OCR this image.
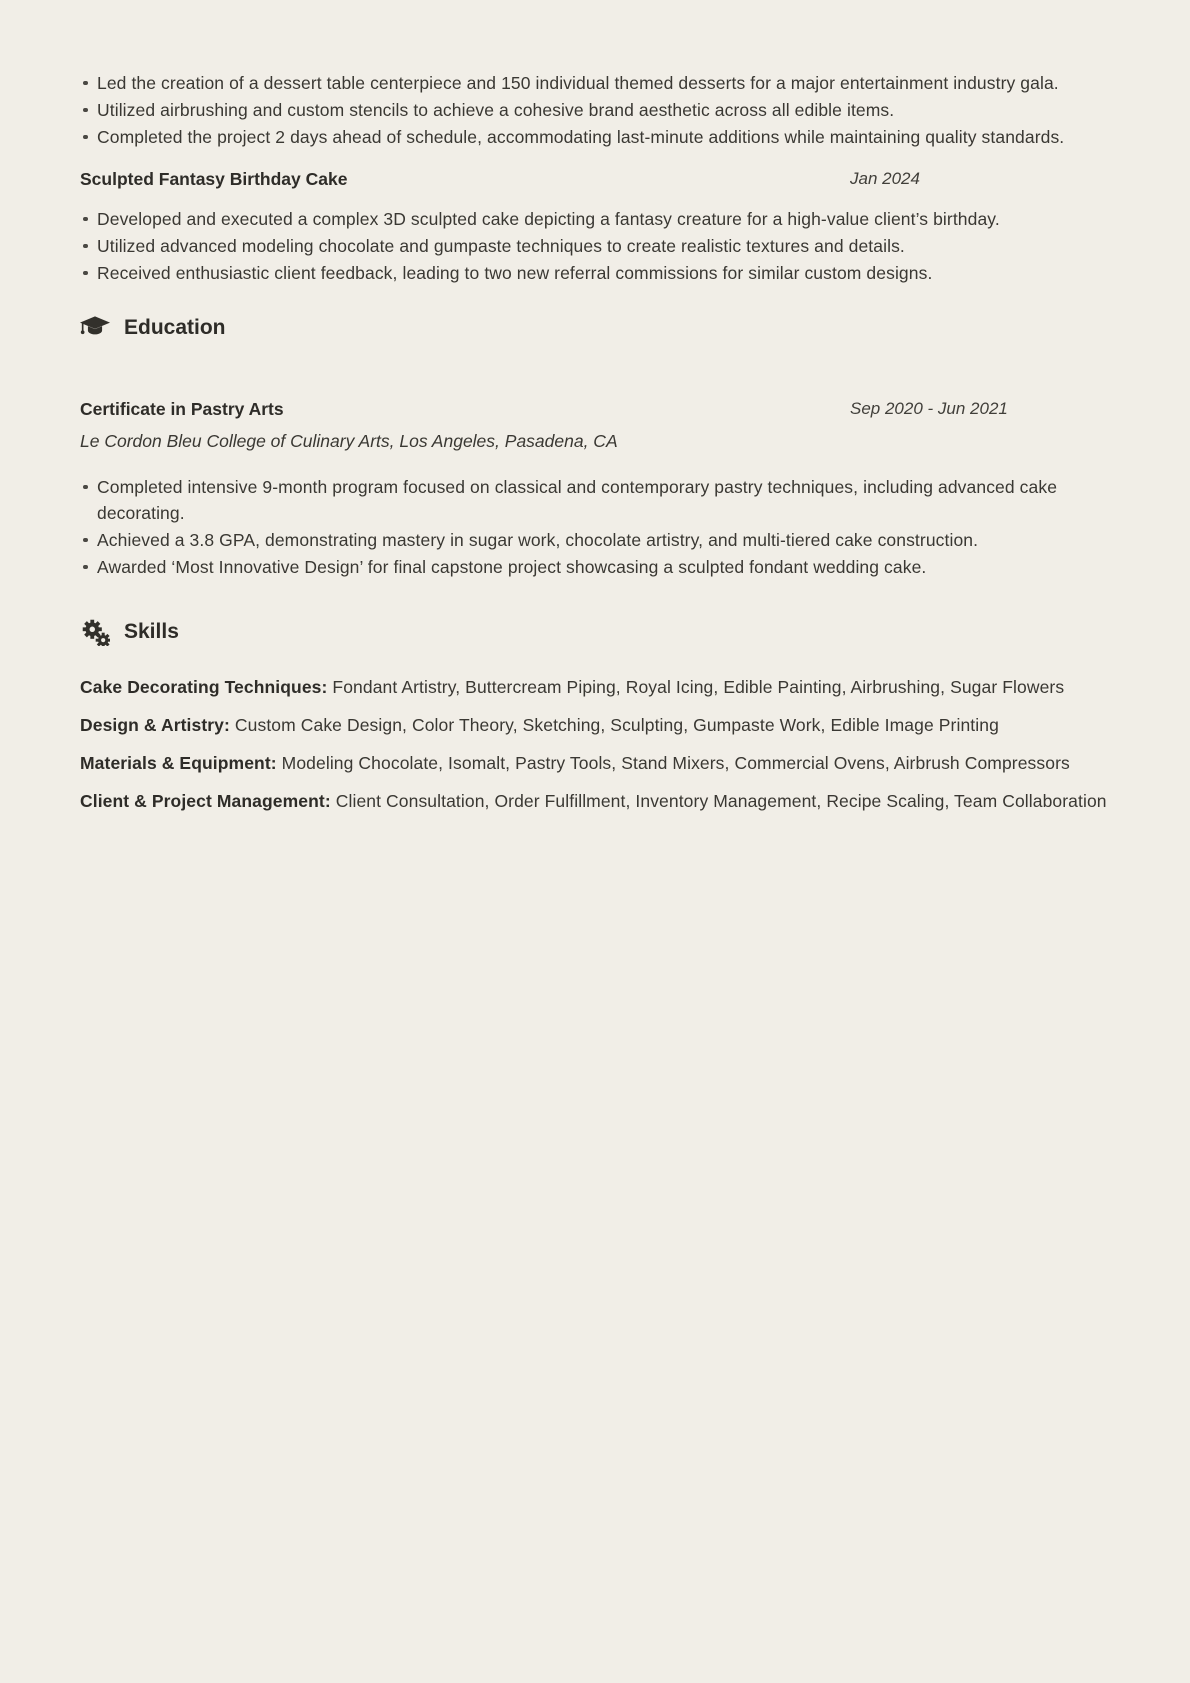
Led the creation of a dessert table centerpiece and 150 individual themed desserts for a major entertainment industry gala.
Utilized airbrushing and custom stencils to achieve a cohesive brand aesthetic across all edible items.
Completed the project 2 days ahead of schedule, accommodating last-minute additions while maintaining quality standards.
Sculpted Fantasy Birthday Cake	Jan 2024
Developed and executed a complex 3D sculpted cake depicting a fantasy creature for a high-value client’s birthday.
Utilized advanced modeling chocolate and gumpaste techniques to create realistic textures and details.
Received enthusiastic client feedback, leading to two new referral commissions for similar custom designs.
Education
Certificate in Pastry Arts	Sep 2020 - Jun 2021

Le Cordon Bleu College of Culinary Arts, Los Angeles, Pasadena, CA

Completed intensive 9-month program focused on classical and contemporary pastry techniques, including advanced cake decorating.
Achieved a 3.8 GPA, demonstrating mastery in sugar work, chocolate artistry, and multi-tiered cake construction.
Awarded ‘Most Innovative Design’ for final capstone project showcasing a sculpted fondant wedding cake.
Skills

Cake Decorating Techniques: Fondant Artistry, Buttercream Piping, Royal Icing, Edible Painting, Airbrushing, Sugar Flowers

Design & Artistry: Custom Cake Design, Color Theory, Sketching, Sculpting, Gumpaste Work, Edible Image Printing

Materials & Equipment: Modeling Chocolate, Isomalt, Pastry Tools, Stand Mixers, Commercial Ovens, Airbrush Compressors

Client & Project Management: Client Consultation, Order Fulfillment, Inventory Management, Recipe Scaling, Team Collaboration
